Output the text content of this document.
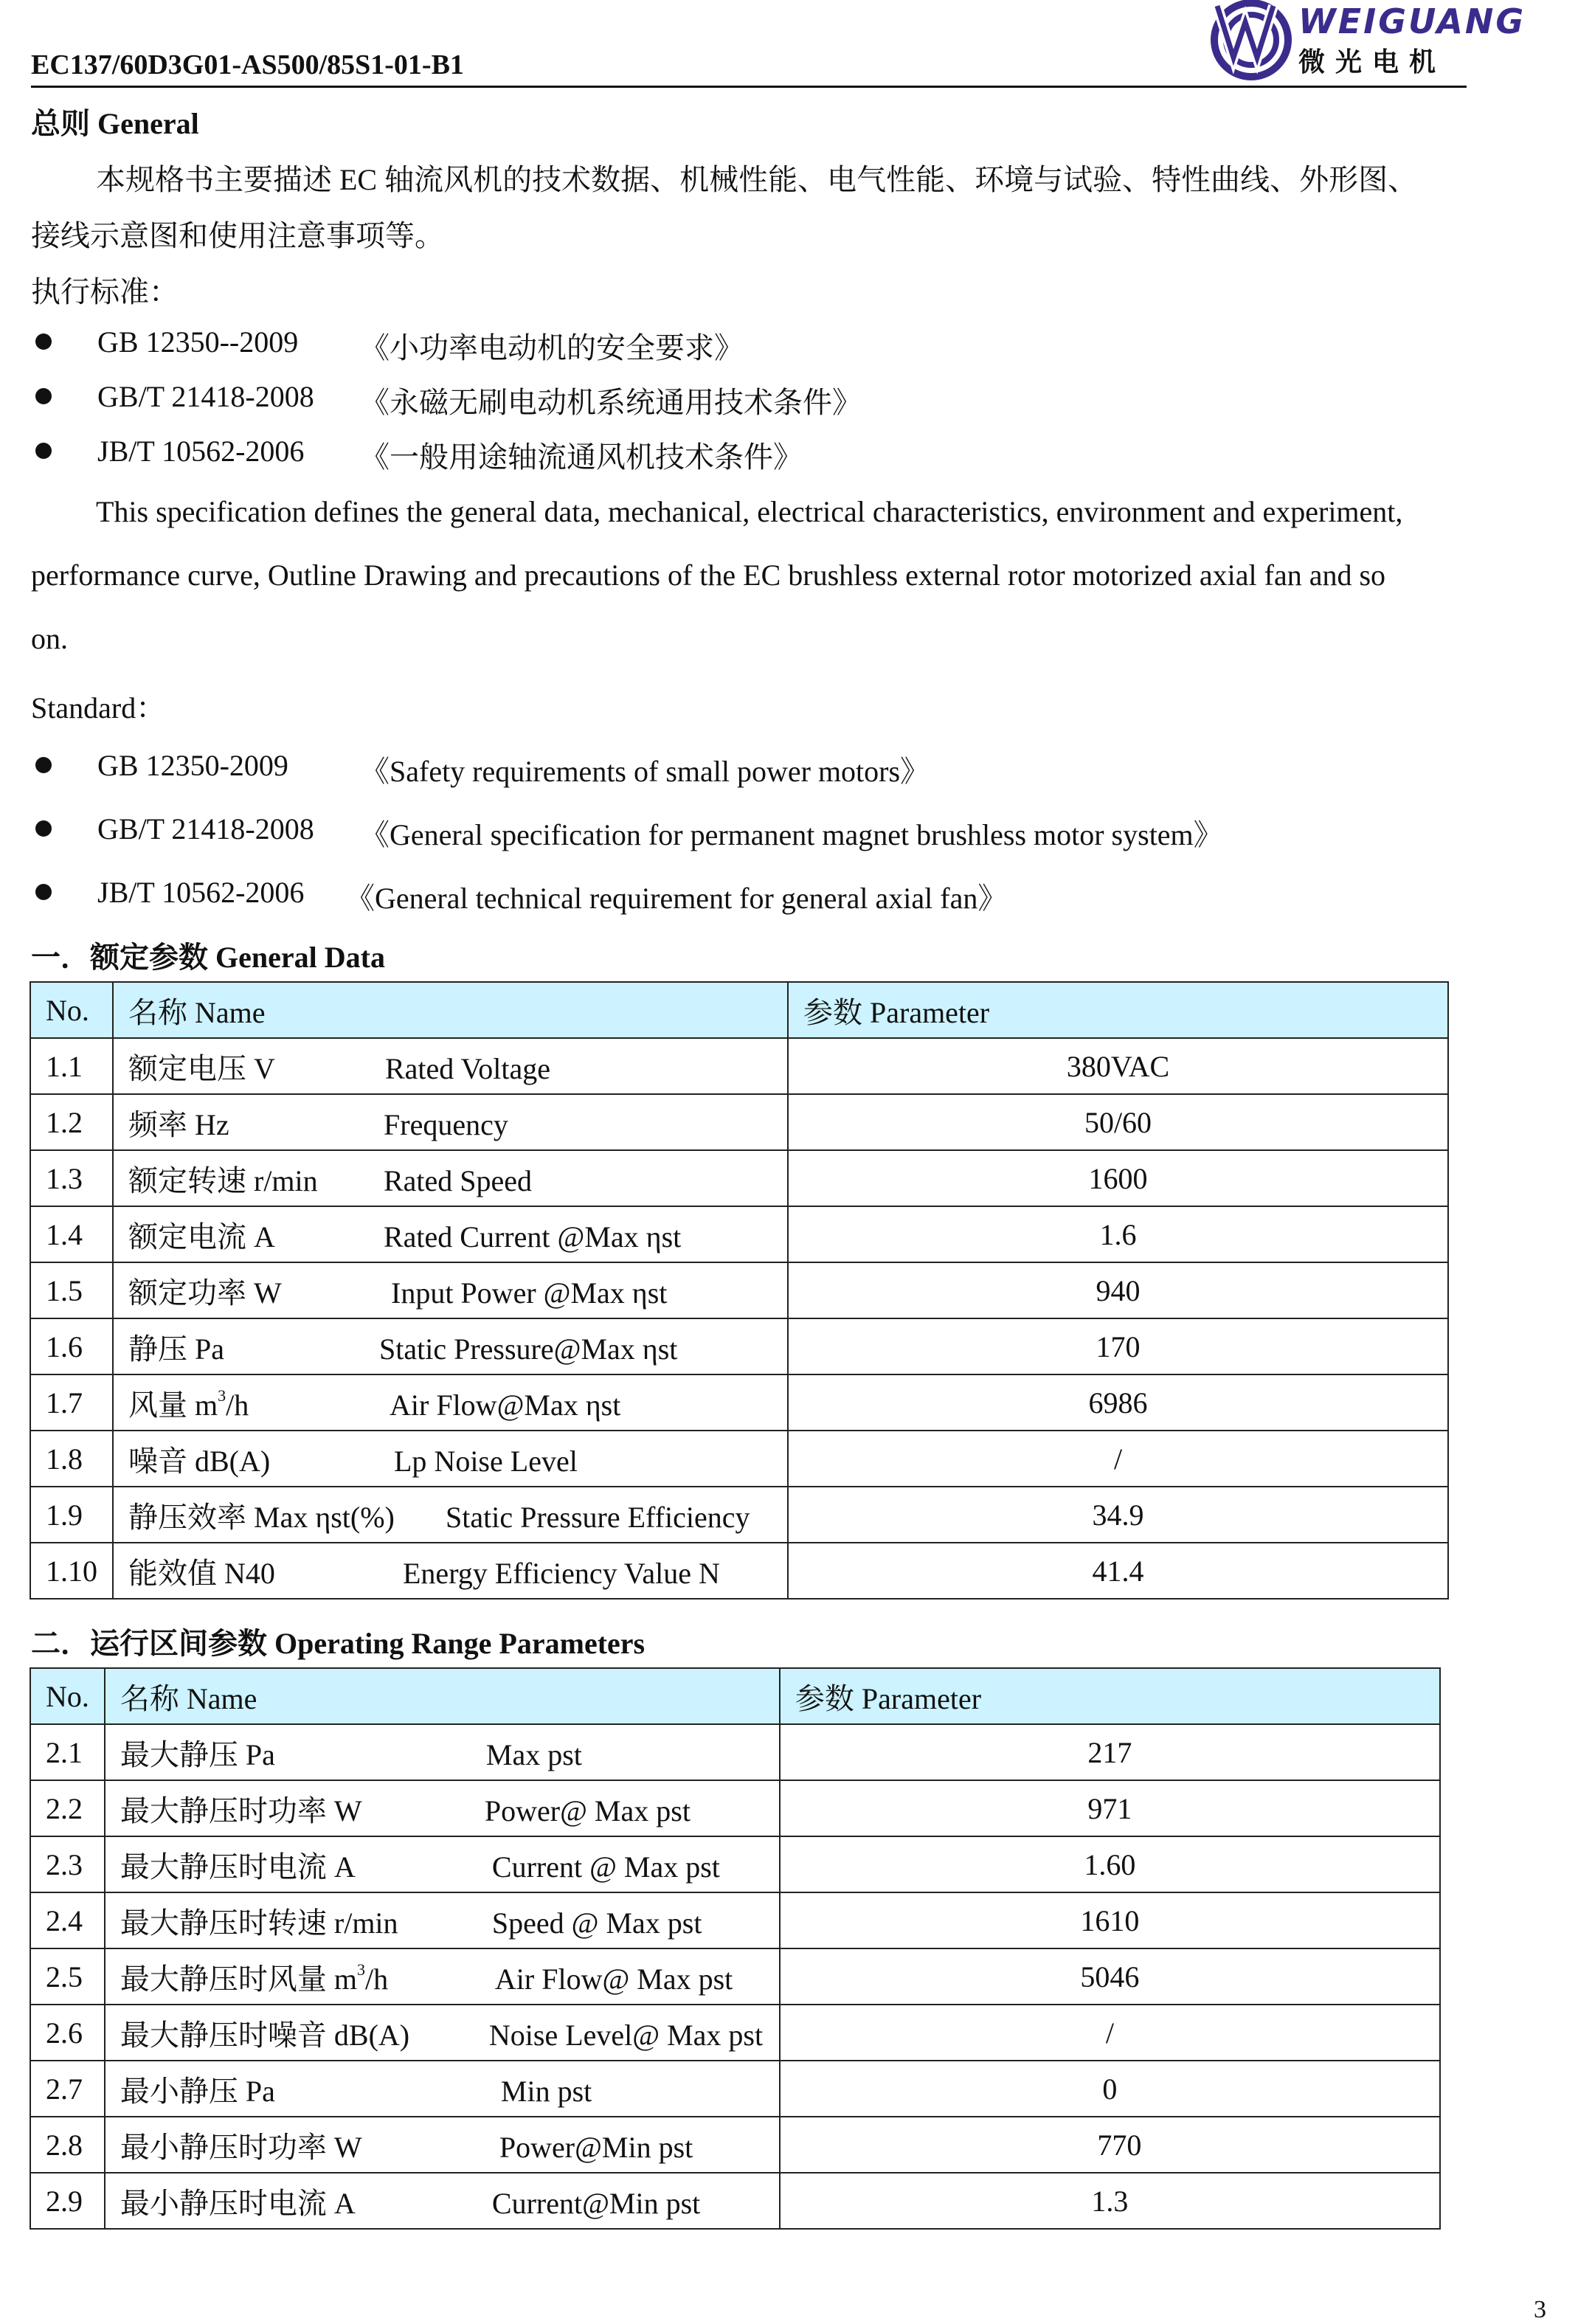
EC137/60D3G01-AS500/85S1-01-B1
WEIGUANG
微光电机
总则 General
本规格书主要描述 EC 轴流风机的技术数据、机械性能、电气性能、环境与试验、特性曲线、外形图、
接线示意图和使用注意事项等。
执行标准：
GB 12350--2009 《小功率电动机的安全要求》
GB/T 21418-2008 《永磁无刷电动机系统通用技术条件》
JB/T 10562-2006 《一般用途轴流通风机技术条件》
This specification defines the general data, mechanical, electrical characteristics, environment and experiment,
performance curve, Outline Drawing and precautions of the EC brushless external rotor motorized axial fan and so
on.
Standard：
GB 12350-2009 《Safety requirements of small power motors》
GB/T 21418-2008 《General specification for permanent magnet brushless motor system》
JB/T 10562-2006 《General technical requirement for general axial fan》
一．额定参数 General Data
No.	名称 Name	参数 Parameter
1.1	额定电压 V Rated Voltage	380VAC
1.2	频率 Hz Frequency	50/60
1.3	额定转速 r/min Rated Speed	1600
1.4	额定电流 A Rated Current @Max ηst	1.6
1.5	额定功率 W Input Power @Max ηst	940
1.6	静压 Pa Static Pressure@Max ηst	170
1.7	风量 $m^3/h$ Air Flow@Max ηst	6986
1.8	噪音 dB(A) Lp Noise Level	/
1.9	静压效率 Max ηst(%) Static Pressure Efficiency	34.9
1.10	能效值 N40 Energy Efficiency Value N	41.4
二．运行区间参数 Operating Range Parameters
No.	名称 Name	参数 Parameter
2.1	最大静压 Pa Max pst	217
2.2	最大静压时功率 W Power@ Max pst	971
2.3	最大静压时电流 A Current @ Max pst	1.60
2.4	最大静压时转速 r/min Speed @ Max pst	1610
2.5	最大静压时风量 $m^3/h$ Air Flow@ Max pst	5046
2.6	最大静压时噪音 dB(A) Noise Level@ Max pst	/
2.7	最小静压 Pa Min pst	0
2.8	最小静压时功率 W Power@Min pst	770
2.9	最小静压时电流 A Current@Min pst	1.3
3
